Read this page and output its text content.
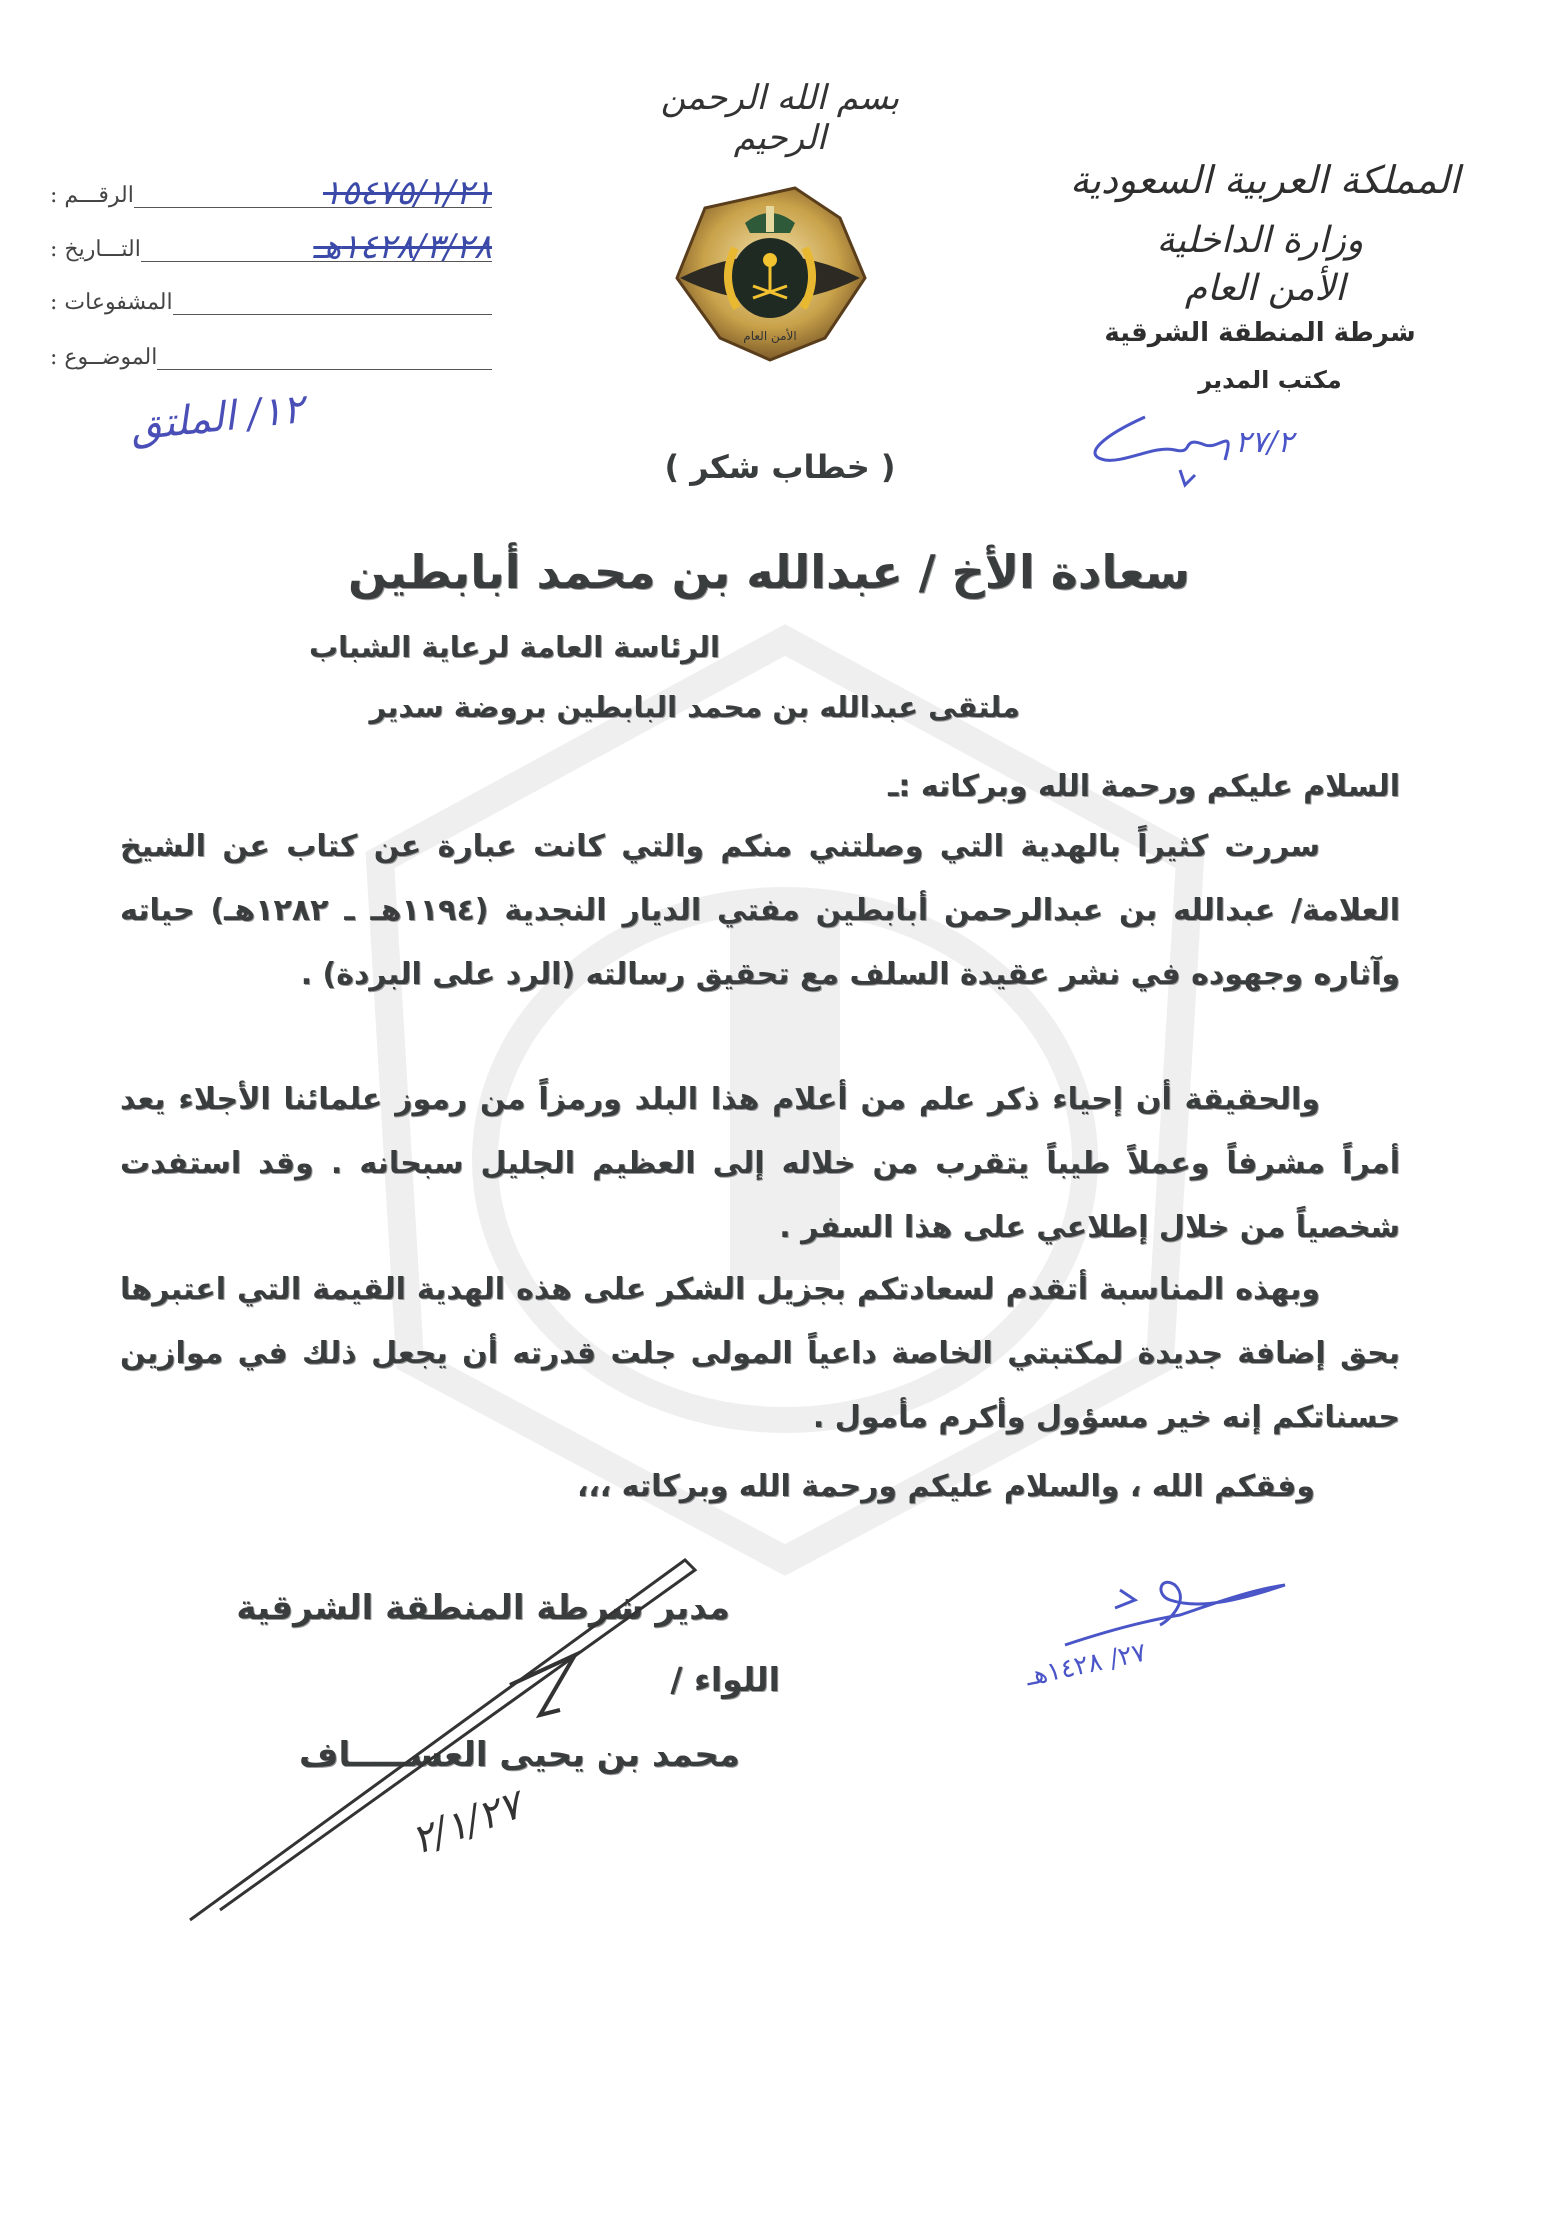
بسم الله الرحمن الرحيم
المملكة العربية السعودية
وزارة الداخلية
الأمن العام
شرطة المنطقة الشرقية
مكتب المدير
٢٧/٢
الرقـــم :	١٥٤٧٥/١/٢١
التـــاريخ :	١٤٢٨/٣/٢٨هـ
المشفوعات :
الموضــوع :
١٢/ الملتق
الأمن العام
( خطاب شكر )
سعادة الأخ / عبدالله بن محمد أبابطين
الرئاسة العامة لرعاية الشباب
ملتقى عبدالله بن محمد البابطين بروضة سدير
السلام عليكم ورحمة الله وبركاته :ـ
سررت كثيراً بالهدية التي وصلتني منكم والتي كانت عبارة عن كتاب عن الشيخ العلامة/ عبدالله بن عبدالرحمن أبابطين مفتي الديار النجدية (١١٩٤هـ ـ ١٢٨٢هـ) حياته وآثاره وجهوده في نشر عقيدة السلف مع تحقيق رسالته (الرد على البردة) .
والحقيقة أن إحياء ذكر علم من أعلام هذا البلد ورمزاً من رموز علمائنا الأجلاء يعد أمراً مشرفاً وعملاً طيباً يتقرب من خلاله إلى العظيم الجليل سبحانه . وقد استفدت شخصياً من خلال إطلاعي على هذا السفر .
وبهذه المناسبة أتقدم لسعادتكم بجزيل الشكر على هذه الهدية القيمة التي اعتبرها بحق إضافة جديدة لمكتبتي الخاصة داعياً المولى جلت قدرته أن يجعل ذلك في موازين حسناتكم إنه خير مسؤول وأكرم مأمول .
وفقكم الله ، والسلام عليكم ورحمة الله وبركاته ،،،
مدير شرطة المنطقة الشرقية
اللواء /
محمد بن يحيى العســـــاف
٢/١/٢٧
٢٧/ ١٤٢٨هـ
